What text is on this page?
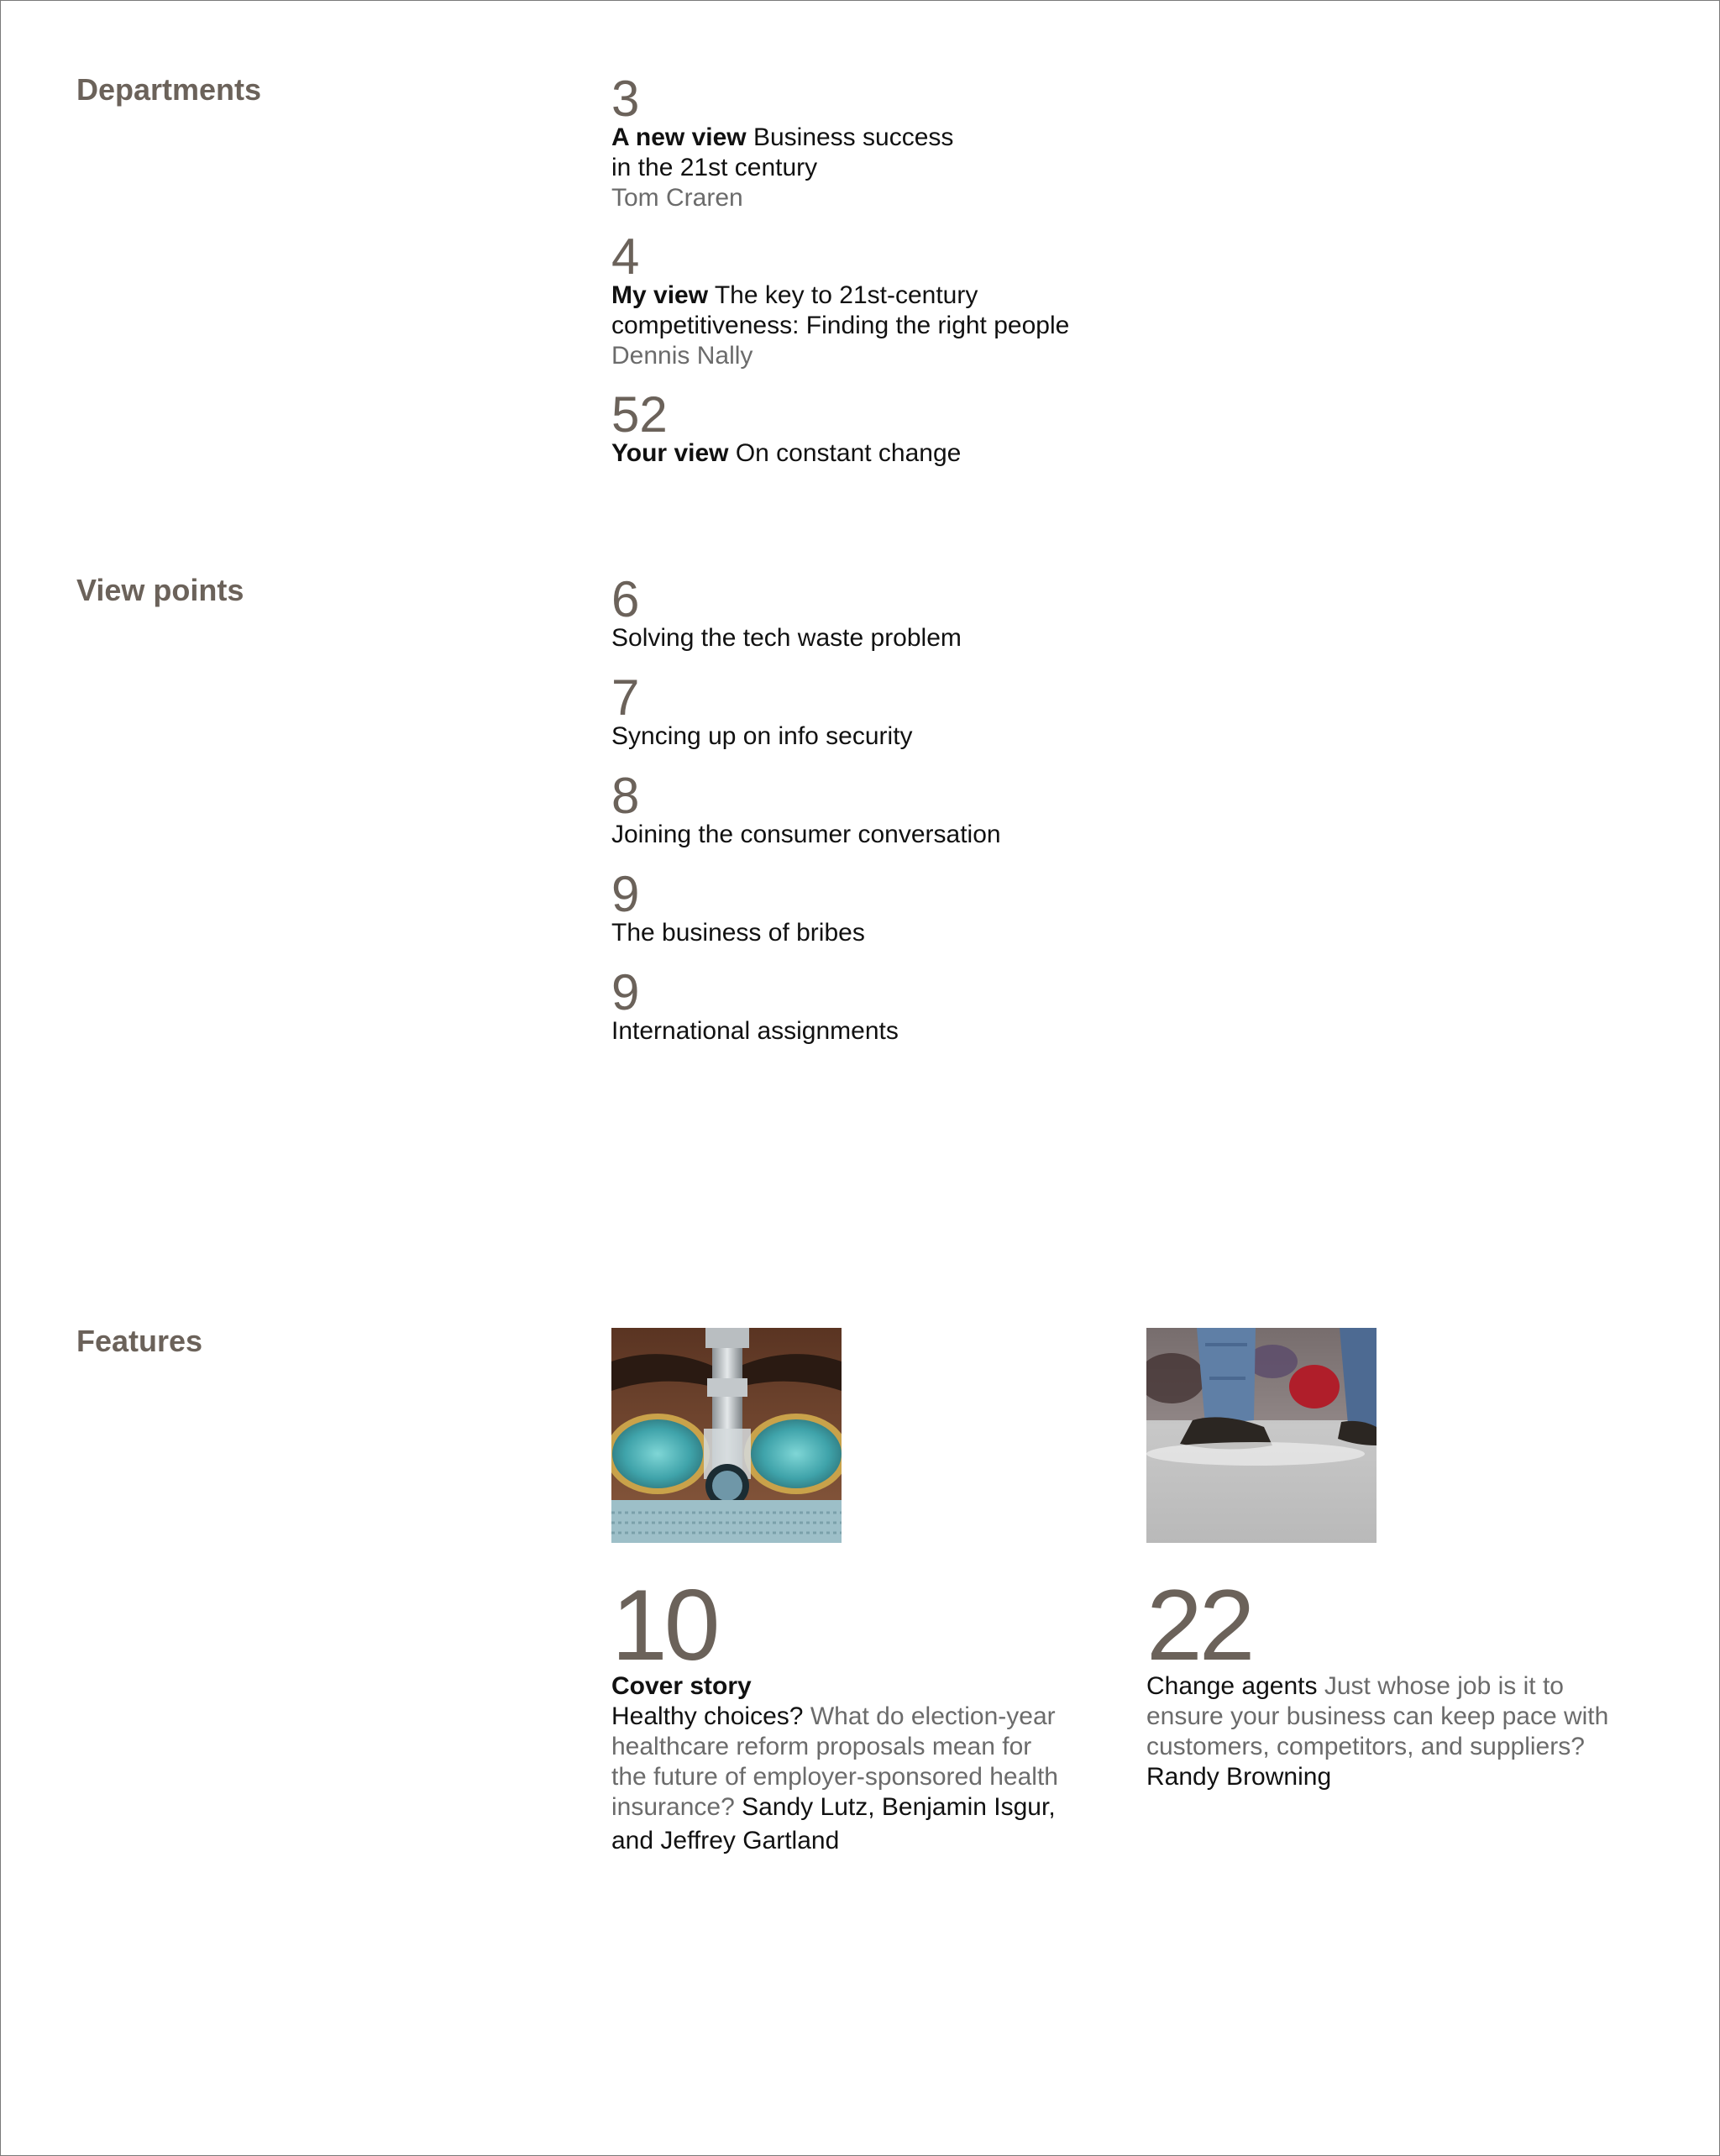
Departments	3
A new view Business success
in the 21st century
Tom Craren
4
My view The key to 21st-century
competitiveness: Finding the right people
Dennis Nally
52
Your view On constant change
View points	6
Solving the tech waste problem
7
Syncing up on info security
8
Joining the consumer conversation
9
The business of bribes
9
International assignments
Features
10
Cover story
Healthy choices? What do election-year
healthcare reform proposals mean for
the future of employer-sponsored health
insurance? Sandy Lutz, Benjamin Isgur,
and Jeffrey Gartland
22
Change agents Just whose job is it to
ensure your business can keep pace with
customers, competitors, and suppliers?
Randy Browning
